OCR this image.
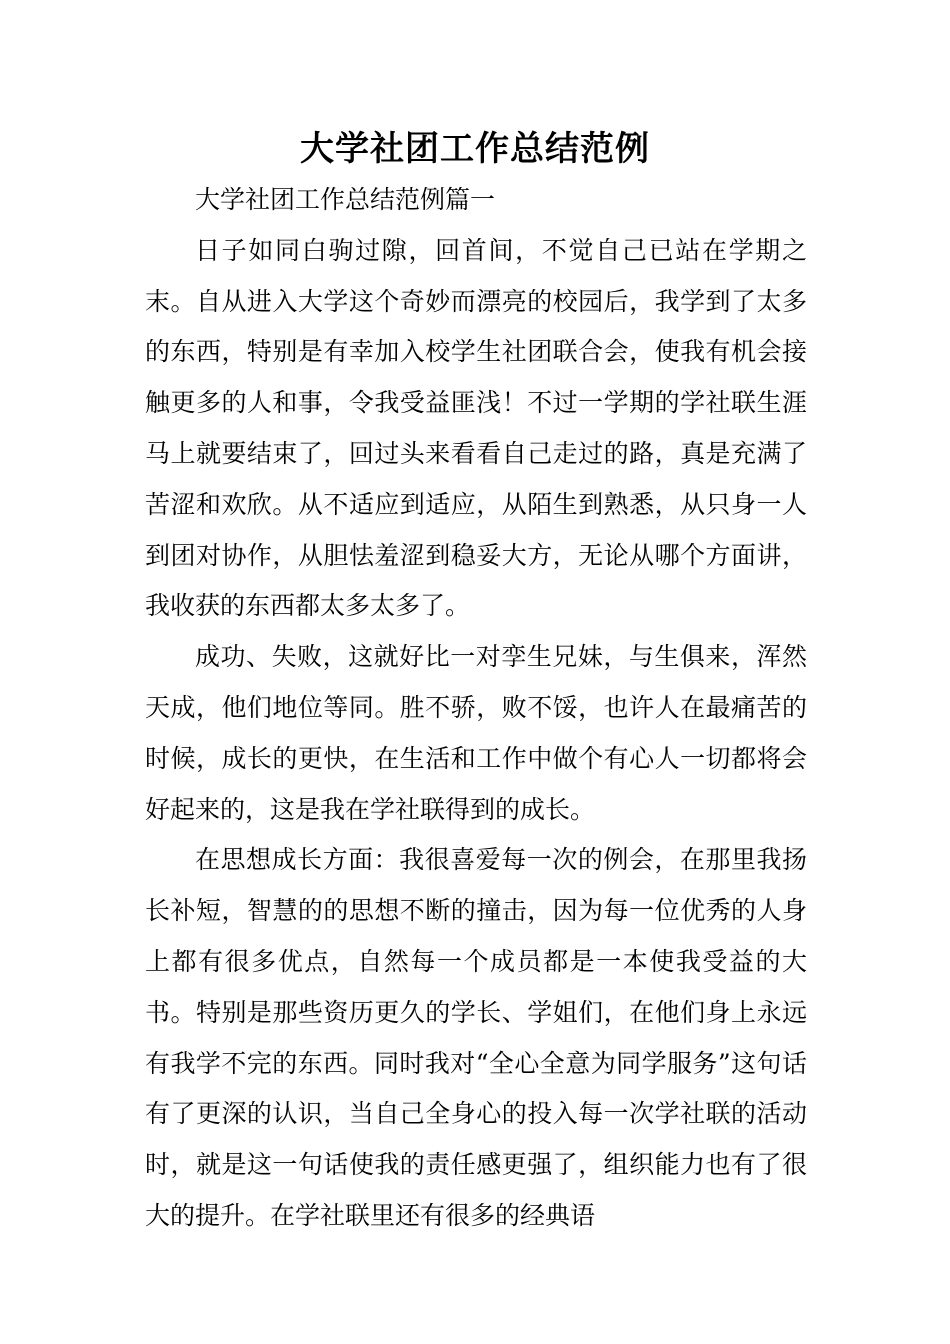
大学社团工作总结范例

大学社团工作总结范例篇一

日子如同白驹过隙，回首间，不觉自己已站在学期之末。自从进入大学这个奇妙而漂亮的校园后，我学到了太多的东西，特别是有幸加入校学生社团联合会，使我有机会接触更多的人和事，令我受益匪浅！不过一学期的学社联生涯马上就要结束了，回过头来看看自己走过的路，真是充满了苦涩和欢欣。从不适应到适应，从陌生到熟悉，从只身一人到团对协作，从胆怯羞涩到稳妥大方，无论从哪个方面讲，我收获的东西都太多太多了。

成功、失败，这就好比一对孪生兄妹，与生俱来，浑然天成，他们地位等同。胜不骄，败不馁，也许人在最痛苦的时候，成长的更快，在生活和工作中做个有心人一切都将会好起来的，这是我在学社联得到的成长。

在思想成长方面：我很喜爱每一次的例会，在那里我扬长补短，智慧的的思想不断的撞击，因为每一位优秀的人身上都有很多优点，自然每一个成员都是一本使我受益的大书。特别是那些资历更久的学长、学姐们，在他们身上永远有我学不完的东西。同时我对“全心全意为同学服务”这句话有了更深的认识，当自己全身心的投入每一次学社联的活动时，就是这一句话使我的责任感更强了，组织能力也有了很大的提升。在学社联里还有很多的经典语
